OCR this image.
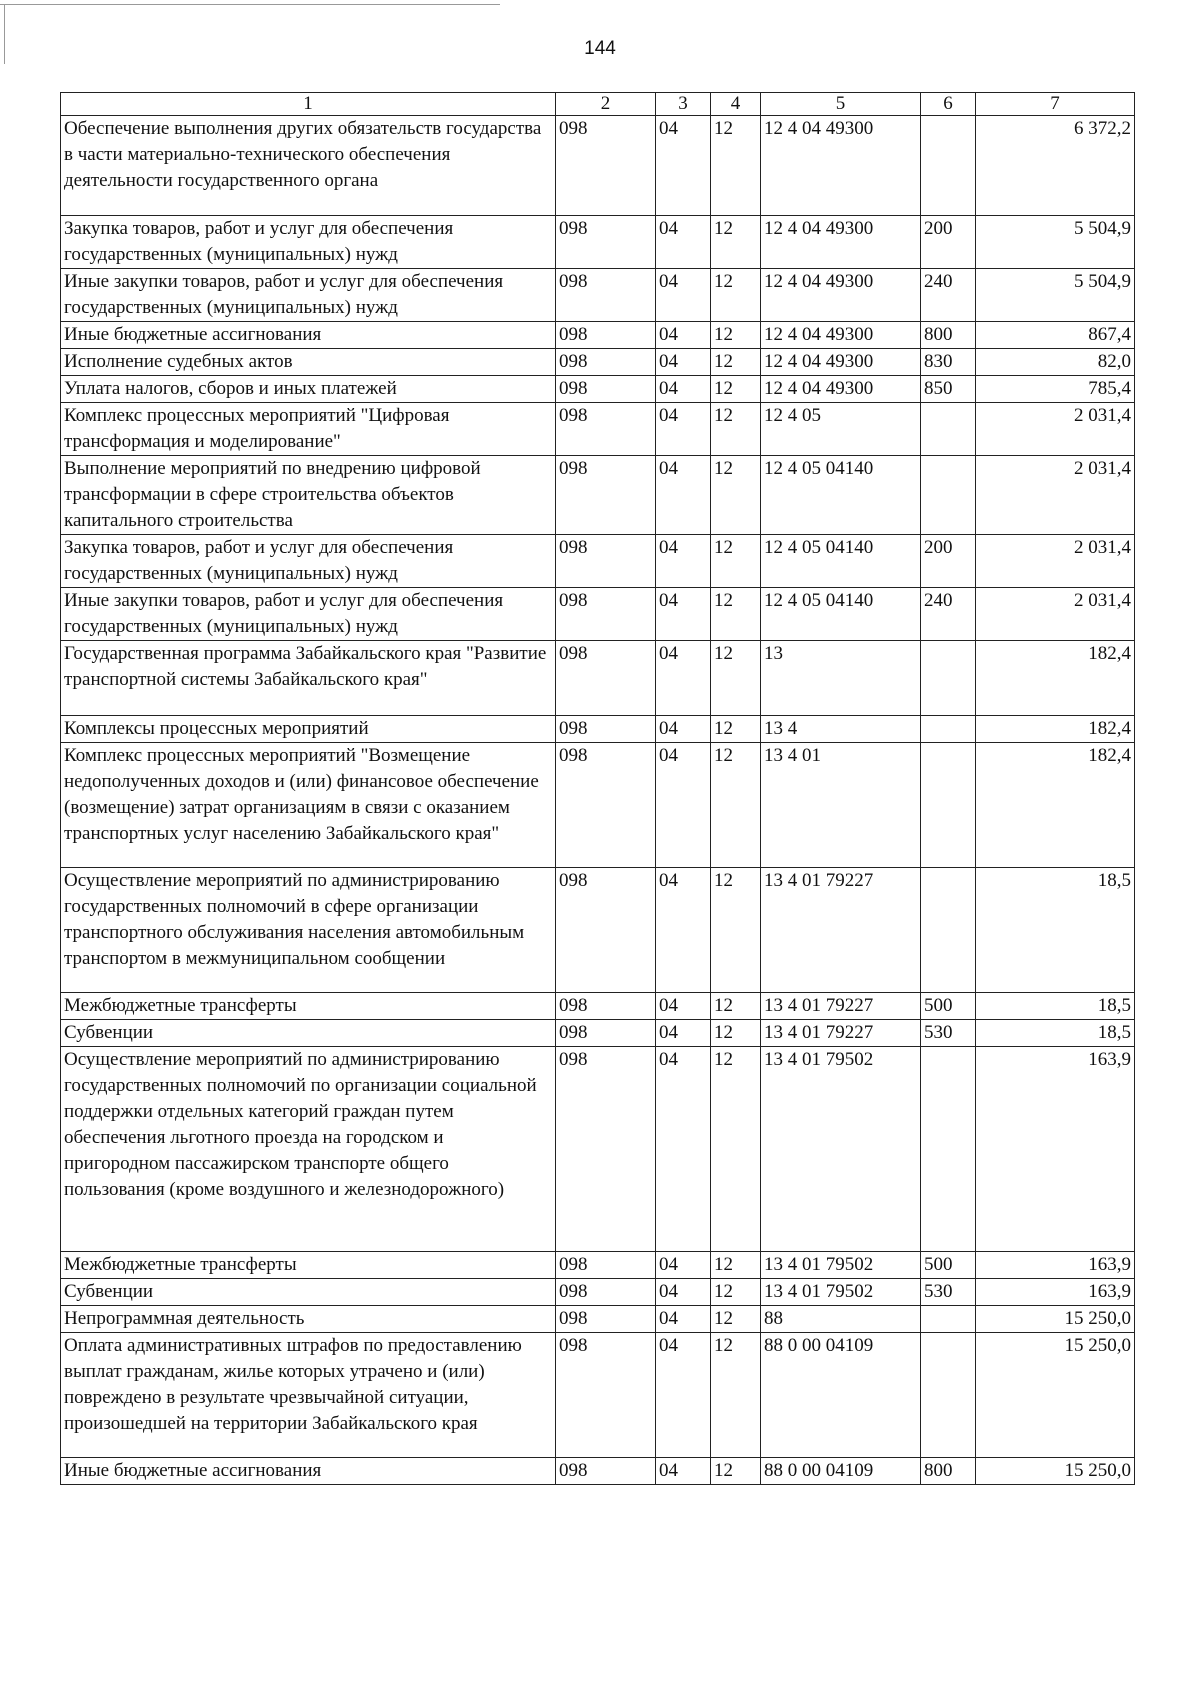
144
1	2	3	4	5	6	7
Обеспечение выполнения других обязательств государства в части материально-технического обеспечения деятельности государственного органа	098	04	12	12 4 04 49300		6 372,2
Закупка товаров, работ и услуг для обеспечения государственных (муниципальных) нужд	098	04	12	12 4 04 49300	200	5 504,9
Иные закупки товаров, работ и услуг для обеспечения государственных (муниципальных) нужд	098	04	12	12 4 04 49300	240	5 504,9
Иные бюджетные ассигнования	098	04	12	12 4 04 49300	800	867,4
Исполнение судебных актов	098	04	12	12 4 04 49300	830	82,0
Уплата налогов, сборов и иных платежей	098	04	12	12 4 04 49300	850	785,4
Комплекс процессных мероприятий "Цифровая трансформация и моделирование"	098	04	12	12 4 05		2 031,4
Выполнение мероприятий по внедрению цифровой трансформации в сфере строительства объектов капитального строительства	098	04	12	12 4 05 04140		2 031,4
Закупка товаров, работ и услуг для обеспечения государственных (муниципальных) нужд	098	04	12	12 4 05 04140	200	2 031,4
Иные закупки товаров, работ и услуг для обеспечения государственных (муниципальных) нужд	098	04	12	12 4 05 04140	240	2 031,4
Государственная программа Забайкальского края "Развитие транспортной системы Забайкальского края"	098	04	12	13		182,4
Комплексы процессных мероприятий	098	04	12	13 4		182,4
Комплекс процессных мероприятий "Возмещение недополученных доходов и (или) финансовое обеспечение (возмещение) затрат организациям в связи с оказанием транспортных услуг населению Забайкальского края"	098	04	12	13 4 01		182,4
Осуществление мероприятий по администрированию государственных полномочий в сфере организации транспортного обслуживания населения автомобильным транспортом в межмуниципальном сообщении	098	04	12	13 4 01 79227		18,5
Межбюджетные трансферты	098	04	12	13 4 01 79227	500	18,5
Субвенции	098	04	12	13 4 01 79227	530	18,5
Осуществление мероприятий по администрированию государственных полномочий по организации социальной поддержки отдельных категорий граждан путем обеспечения льготного проезда на городском и пригородном пассажирском транспорте общего пользования (кроме воздушного и железнодорожного)	098	04	12	13 4 01 79502		163,9
Межбюджетные трансферты	098	04	12	13 4 01 79502	500	163,9
Субвенции	098	04	12	13 4 01 79502	530	163,9
Непрограммная деятельность	098	04	12	88		15 250,0
Оплата административных штрафов по предоставлению выплат гражданам, жилье которых утрачено и (или) повреждено в результате чрезвычайной ситуации, произошедшей на территории Забайкальского края	098	04	12	88 0 00 04109		15 250,0
Иные бюджетные ассигнования	098	04	12	88 0 00 04109	800	15 250,0
